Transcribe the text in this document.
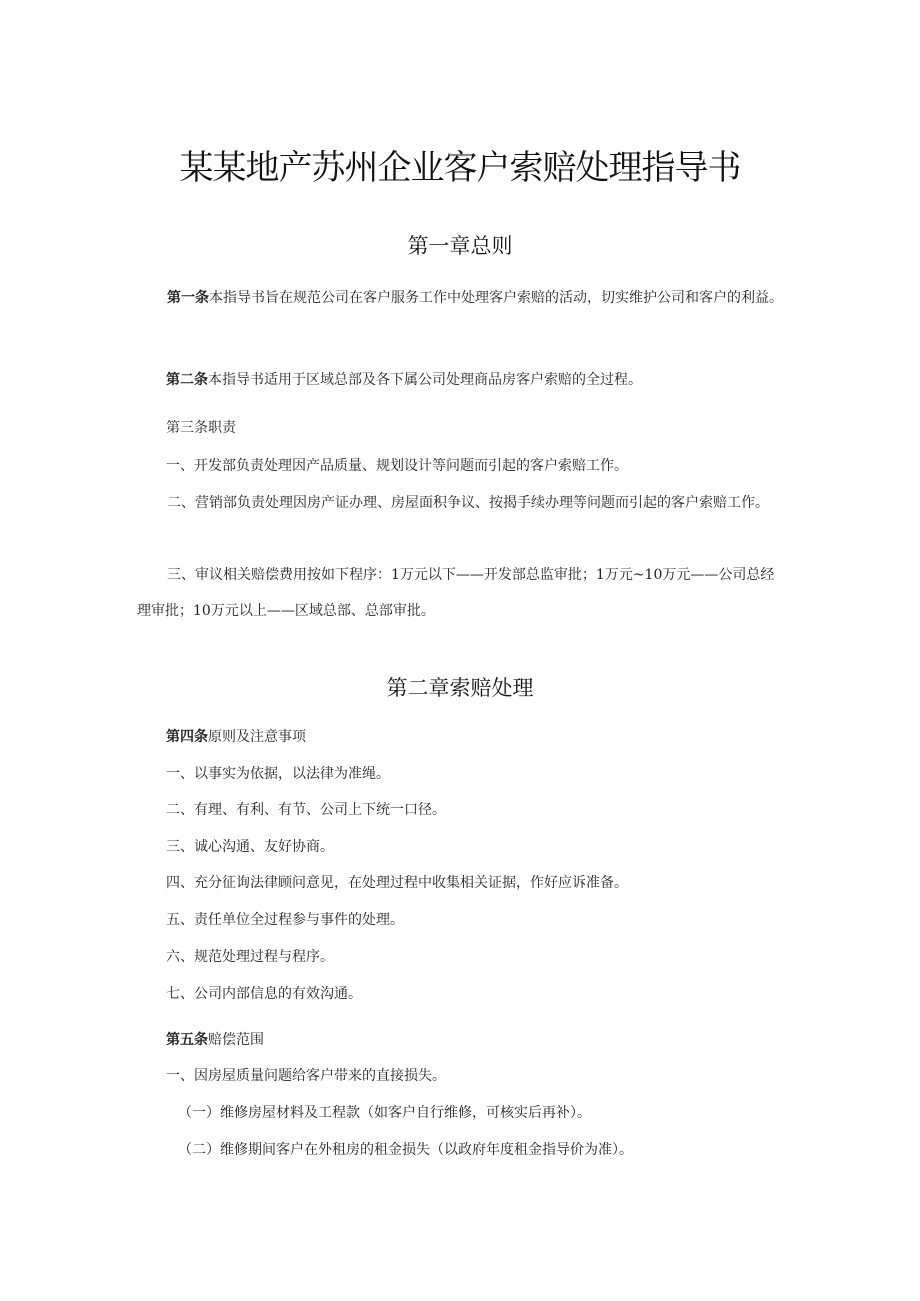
某某地产苏州企业客户索赔处理指导书
第一章总则
第一条本指导书旨在规范公司在客户服务工作中处理客户索赔的活动，切实维护公司和客户的利益。
第二条本指导书适用于区域总部及各下属公司处理商品房客户索赔的全过程。
第三条职责
一、开发部负责处理因产品质量、规划设计等问题而引起的客户索赔工作。
二、营销部负责处理因房产证办理、房屋面积争议、按揭手续办理等问题而引起的客户索赔工作。
三、审议相关赔偿费用按如下程序：1万元以下——开发部总监审批；1万元~10万元——公司总经理审批；10万元以上——区域总部、总部审批。
第二章索赔处理
第四条原则及注意事项
一、以事实为依据，以法律为准绳。
二、有理、有利、有节、公司上下统一口径。
三、诚心沟通、友好协商。
四、充分征询法律顾问意见，在处理过程中收集相关证据，作好应诉准备。
五、责任单位全过程参与事件的处理。
六、规范处理过程与程序。
七、公司内部信息的有效沟通。
第五条赔偿范围
一、因房屋质量问题给客户带来的直接损失。
（一）维修房屋材料及工程款（如客户自行维修，可核实后再补）。
（二）维修期间客户在外租房的租金损失（以政府年度租金指导价为准）。
